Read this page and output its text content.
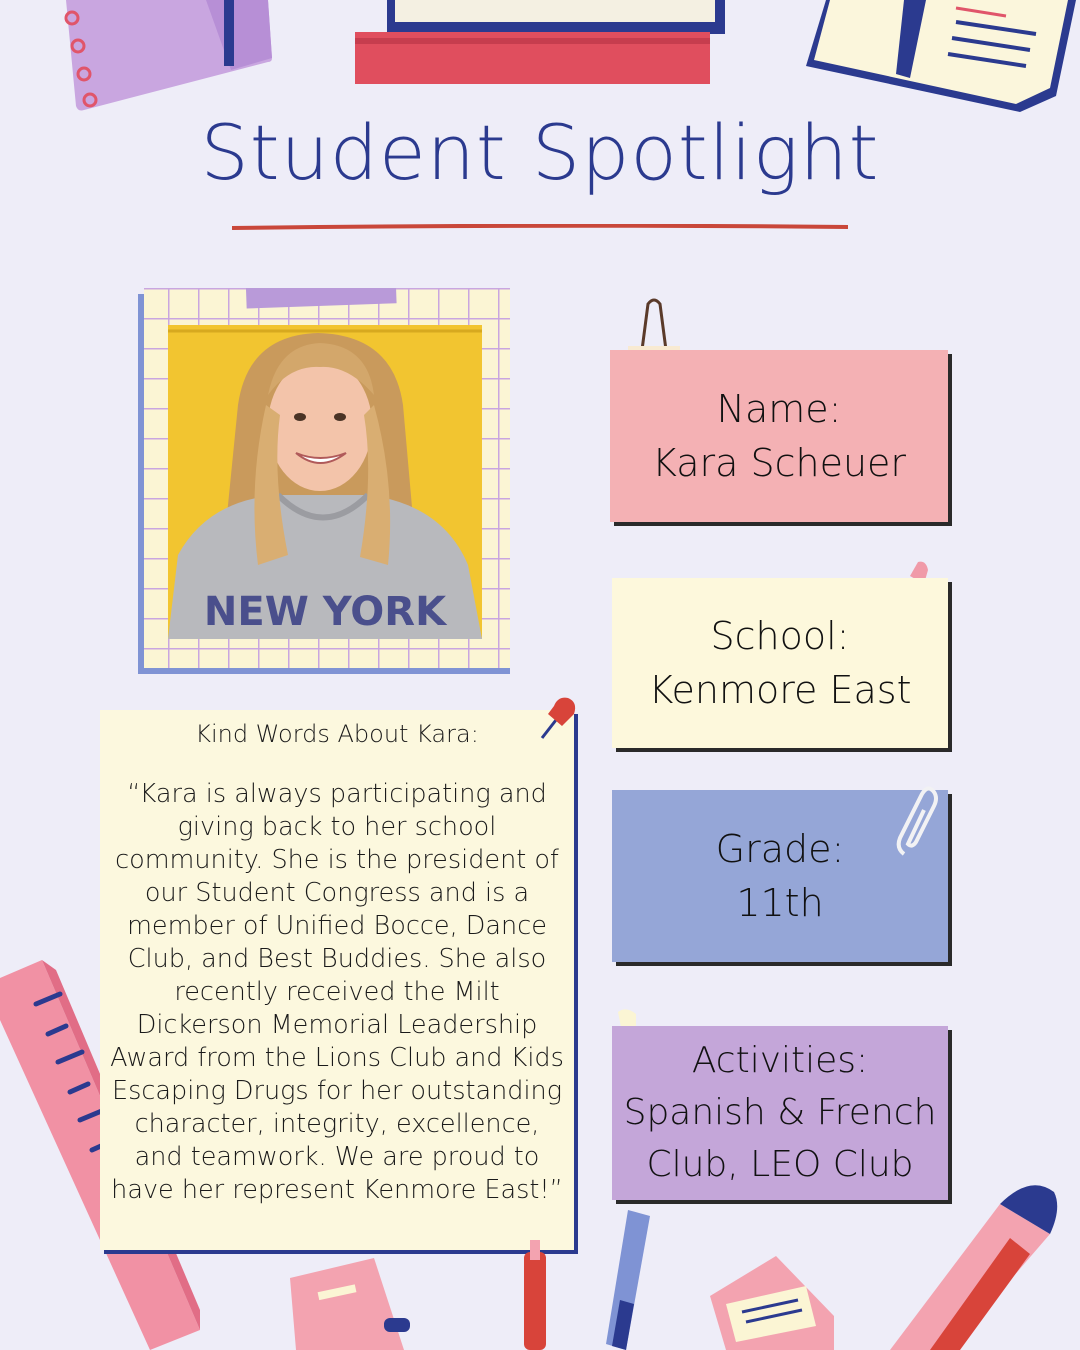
Student Spotlight
NEW YORK
Name:
Kara Scheuer
School:
Kenmore East
Grade:
11th
Activities:
Spanish & French
Club, LEO Club
Kind Words About Kara:
“Kara is always participating and giving back to her school community. She is the president of our Student Congress and is a member of Unified Bocce, Dance Club, and Best Buddies. She also recently received the Milt Dickerson Memorial Leadership Award from the Lions Club and Kids Escaping Drugs for her outstanding character, integrity, excellence, and teamwork. We are proud to have her represent Kenmore East!”
